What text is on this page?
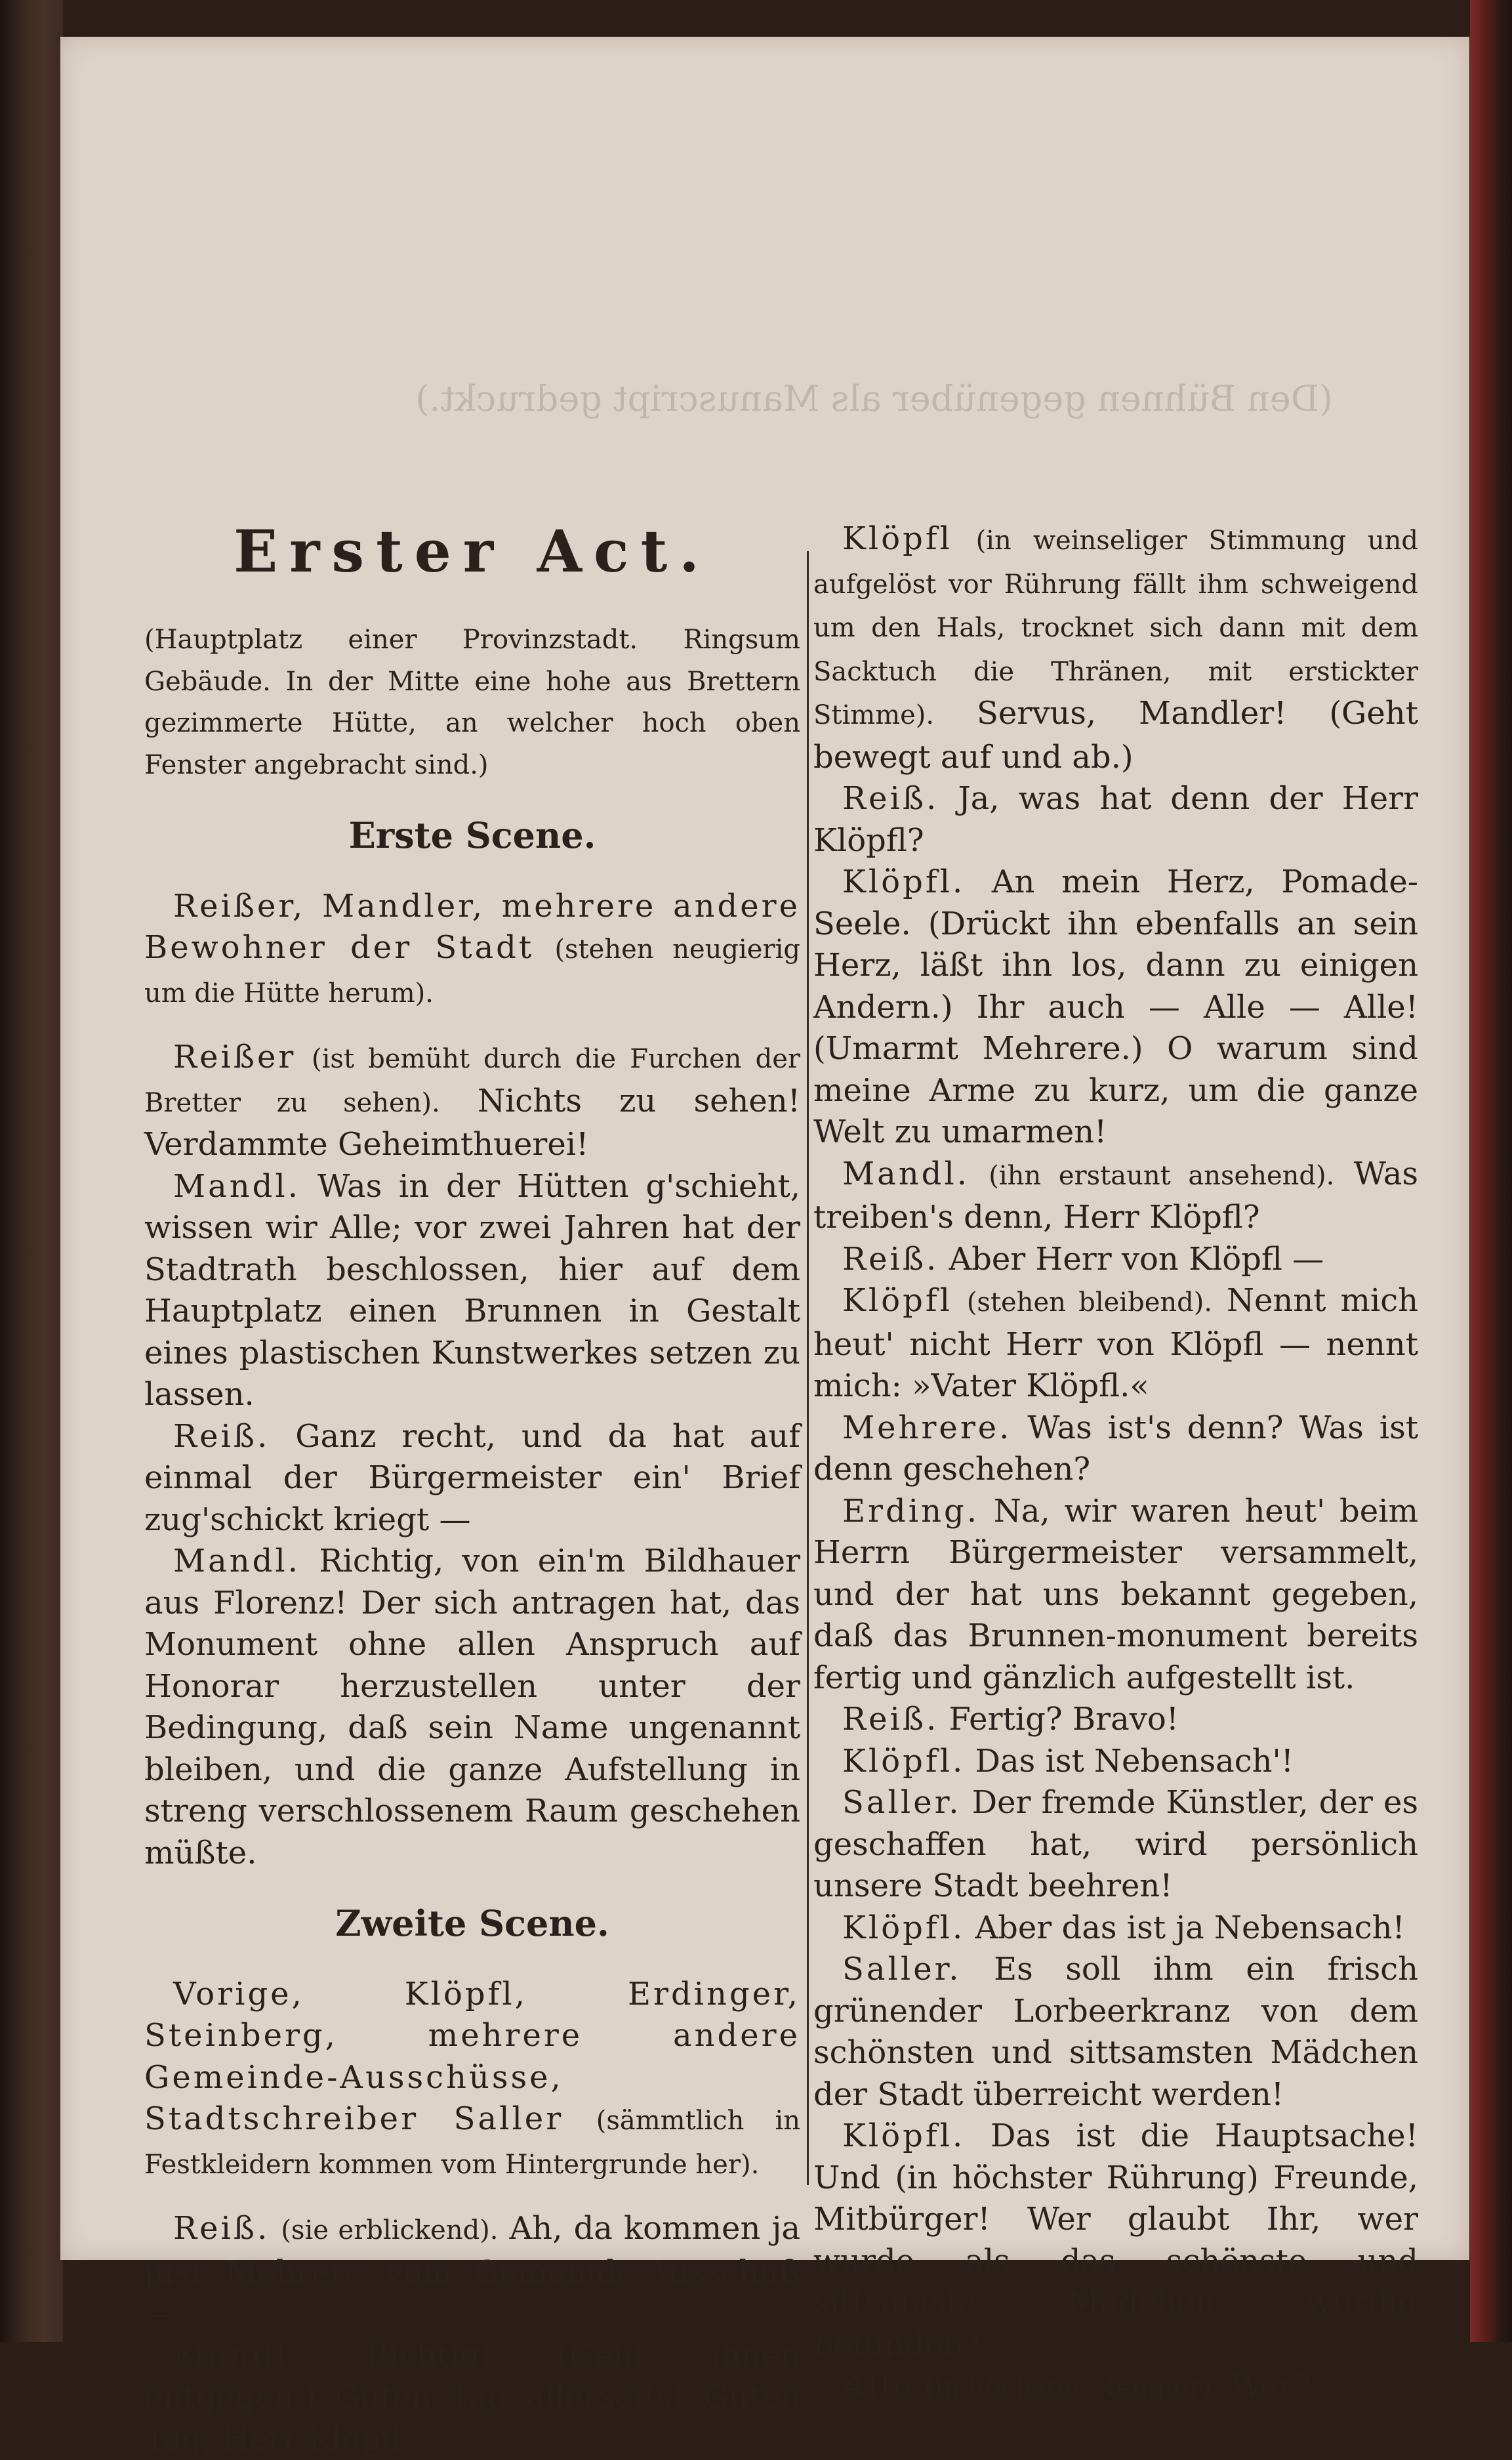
(Den Bühnen gegenüber als Manuscript gedruckt.)
Erster Act.

(Hauptplatz einer Provinzstadt. Ringsum Gebäude. In der Mitte eine hohe aus Brettern gezimmerte Hütte, an welcher hoch oben Fenster angebracht sind.)

Erste Scene.

Reißer, Mandler, mehrere andere Bewohner der Stadt (stehen neugierig um die Hütte herum).

Reißer (ist bemüht durch die Furchen der Bretter zu sehen). Nichts zu sehen! Verdammte Geheimthuerei!

Mandl. Was in der Hütten g'schieht, wissen wir Alle; vor zwei Jahren hat der Stadtrath beschlossen, hier auf dem Hauptplatz einen Brunnen in Gestalt eines plastischen Kunstwerkes setzen zu lassen.

Reiß. Ganz recht, und da hat auf einmal der Bürgermeister ein' Brief zug'schickt kriegt —

Mandl. Richtig, von ein'm Bildhauer aus Florenz! Der sich antragen hat, das Monument ohne allen Anspruch auf Honorar herzustellen unter der Bedingung, daß sein Name ungenannt bleiben, und die ganze Aufstellung in streng verschlossenem Raum geschehen müßte.

Zweite Scene.

Vorige, Klöpfl, Erdinger, Steinberg, mehrere andere Gemeinde-Ausschüsse, Stadtschreiber Saller (sämmtlich in Festkleidern kommen vom Hintergrunde her).

Reiß. (sie erblickend). Ah, da kommen ja just Mehrere vom Gemeinde-Ausschuß —

Mandl. Richtig! (Geht ihnen entgegen.) Guten Tag allerseits! Guten Tag, Herr Klöpfl.

Klöpfl (in weinseliger Stimmung und aufgelöst vor Rührung fällt ihm schweigend um den Hals, trocknet sich dann mit dem Sacktuch die Thränen, mit erstickter Stimme). Servus, Mandler! (Geht bewegt auf und ab.)

Reiß. Ja, was hat denn der Herr Klöpfl?

Klöpfl. An mein Herz, Pomade-Seele. (Drückt ihn ebenfalls an sein Herz, läßt ihn los, dann zu einigen Andern.) Ihr auch — Alle — Alle! (Umarmt Mehrere.) O warum sind meine Arme zu kurz, um die ganze Welt zu umarmen!

Mandl. (ihn erstaunt ansehend). Was treiben's denn, Herr Klöpfl?

Reiß. Aber Herr von Klöpfl —

Klöpfl (stehen bleibend). Nennt mich heut' nicht Herr von Klöpfl — nennt mich: »Vater Klöpfl.«

Mehrere. Was ist's denn? Was ist denn geschehen?

Erding. Na, wir waren heut' beim Herrn Bürgermeister versammelt, und der hat uns bekannt gegeben, daß das Brunnen-monument bereits fertig und gänzlich aufgestellt ist.

Reiß. Fertig? Bravo!

Klöpfl. Das ist Nebensach'!

Saller. Der fremde Künstler, der es geschaffen hat, wird persönlich unsere Stadt beehren!

Klöpfl. Aber das ist ja Nebensach!

Saller. Es soll ihm ein frisch grünender Lorbeerkranz von dem schönsten und sittsamsten Mädchen der Stadt überreicht werden!

Klöpfl. Das ist die Hauptsache! Und (in höchster Rührung) Freunde, Mitbürger! Wer glaubt Ihr, wer wurde als das schönste und sittsamste Mädchen würdig befunden?

Alle (in höchster Neugier). Wer?
